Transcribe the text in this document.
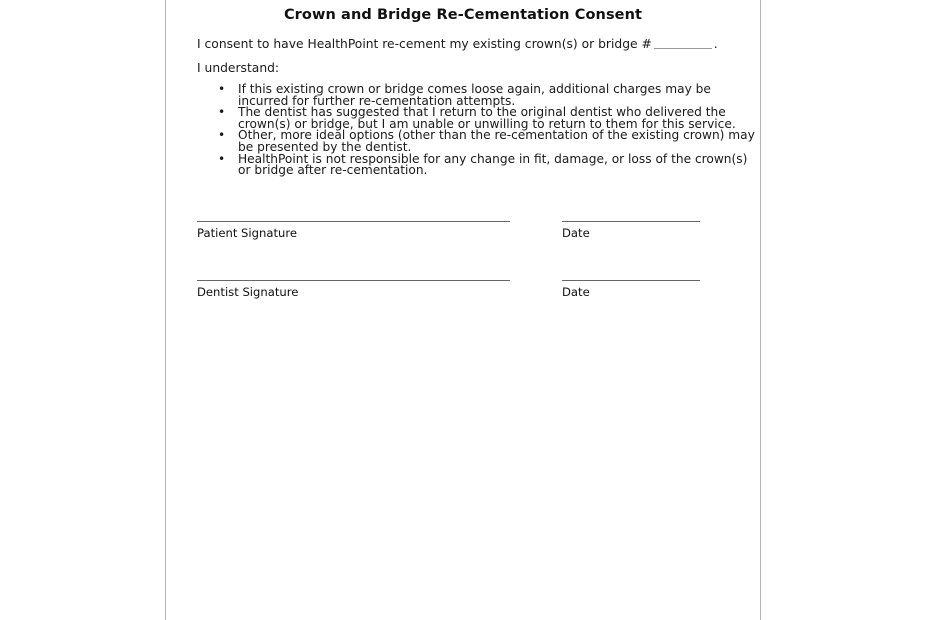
Crown and Bridge Re-Cementation Consent
I consent to have HealthPoint re-cement my existing crown(s) or bridge #	.
I understand:
• If this existing crown or bridge comes loose again, additional charges may be
incurred for further re-cementation attempts.
• The dentist has suggested that I return to the original dentist who delivered the
crown(s) or bridge, but I am unable or unwilling to return to them for this service.
• Other, more ideal options (other than the re-cementation of the existing crown) may
be presented by the dentist.
• HealthPoint is not responsible for any change in fit, damage, or loss of the crown(s)
or bridge after re-cementation.
Patient Signature	Date
Dentist Signature	Date
